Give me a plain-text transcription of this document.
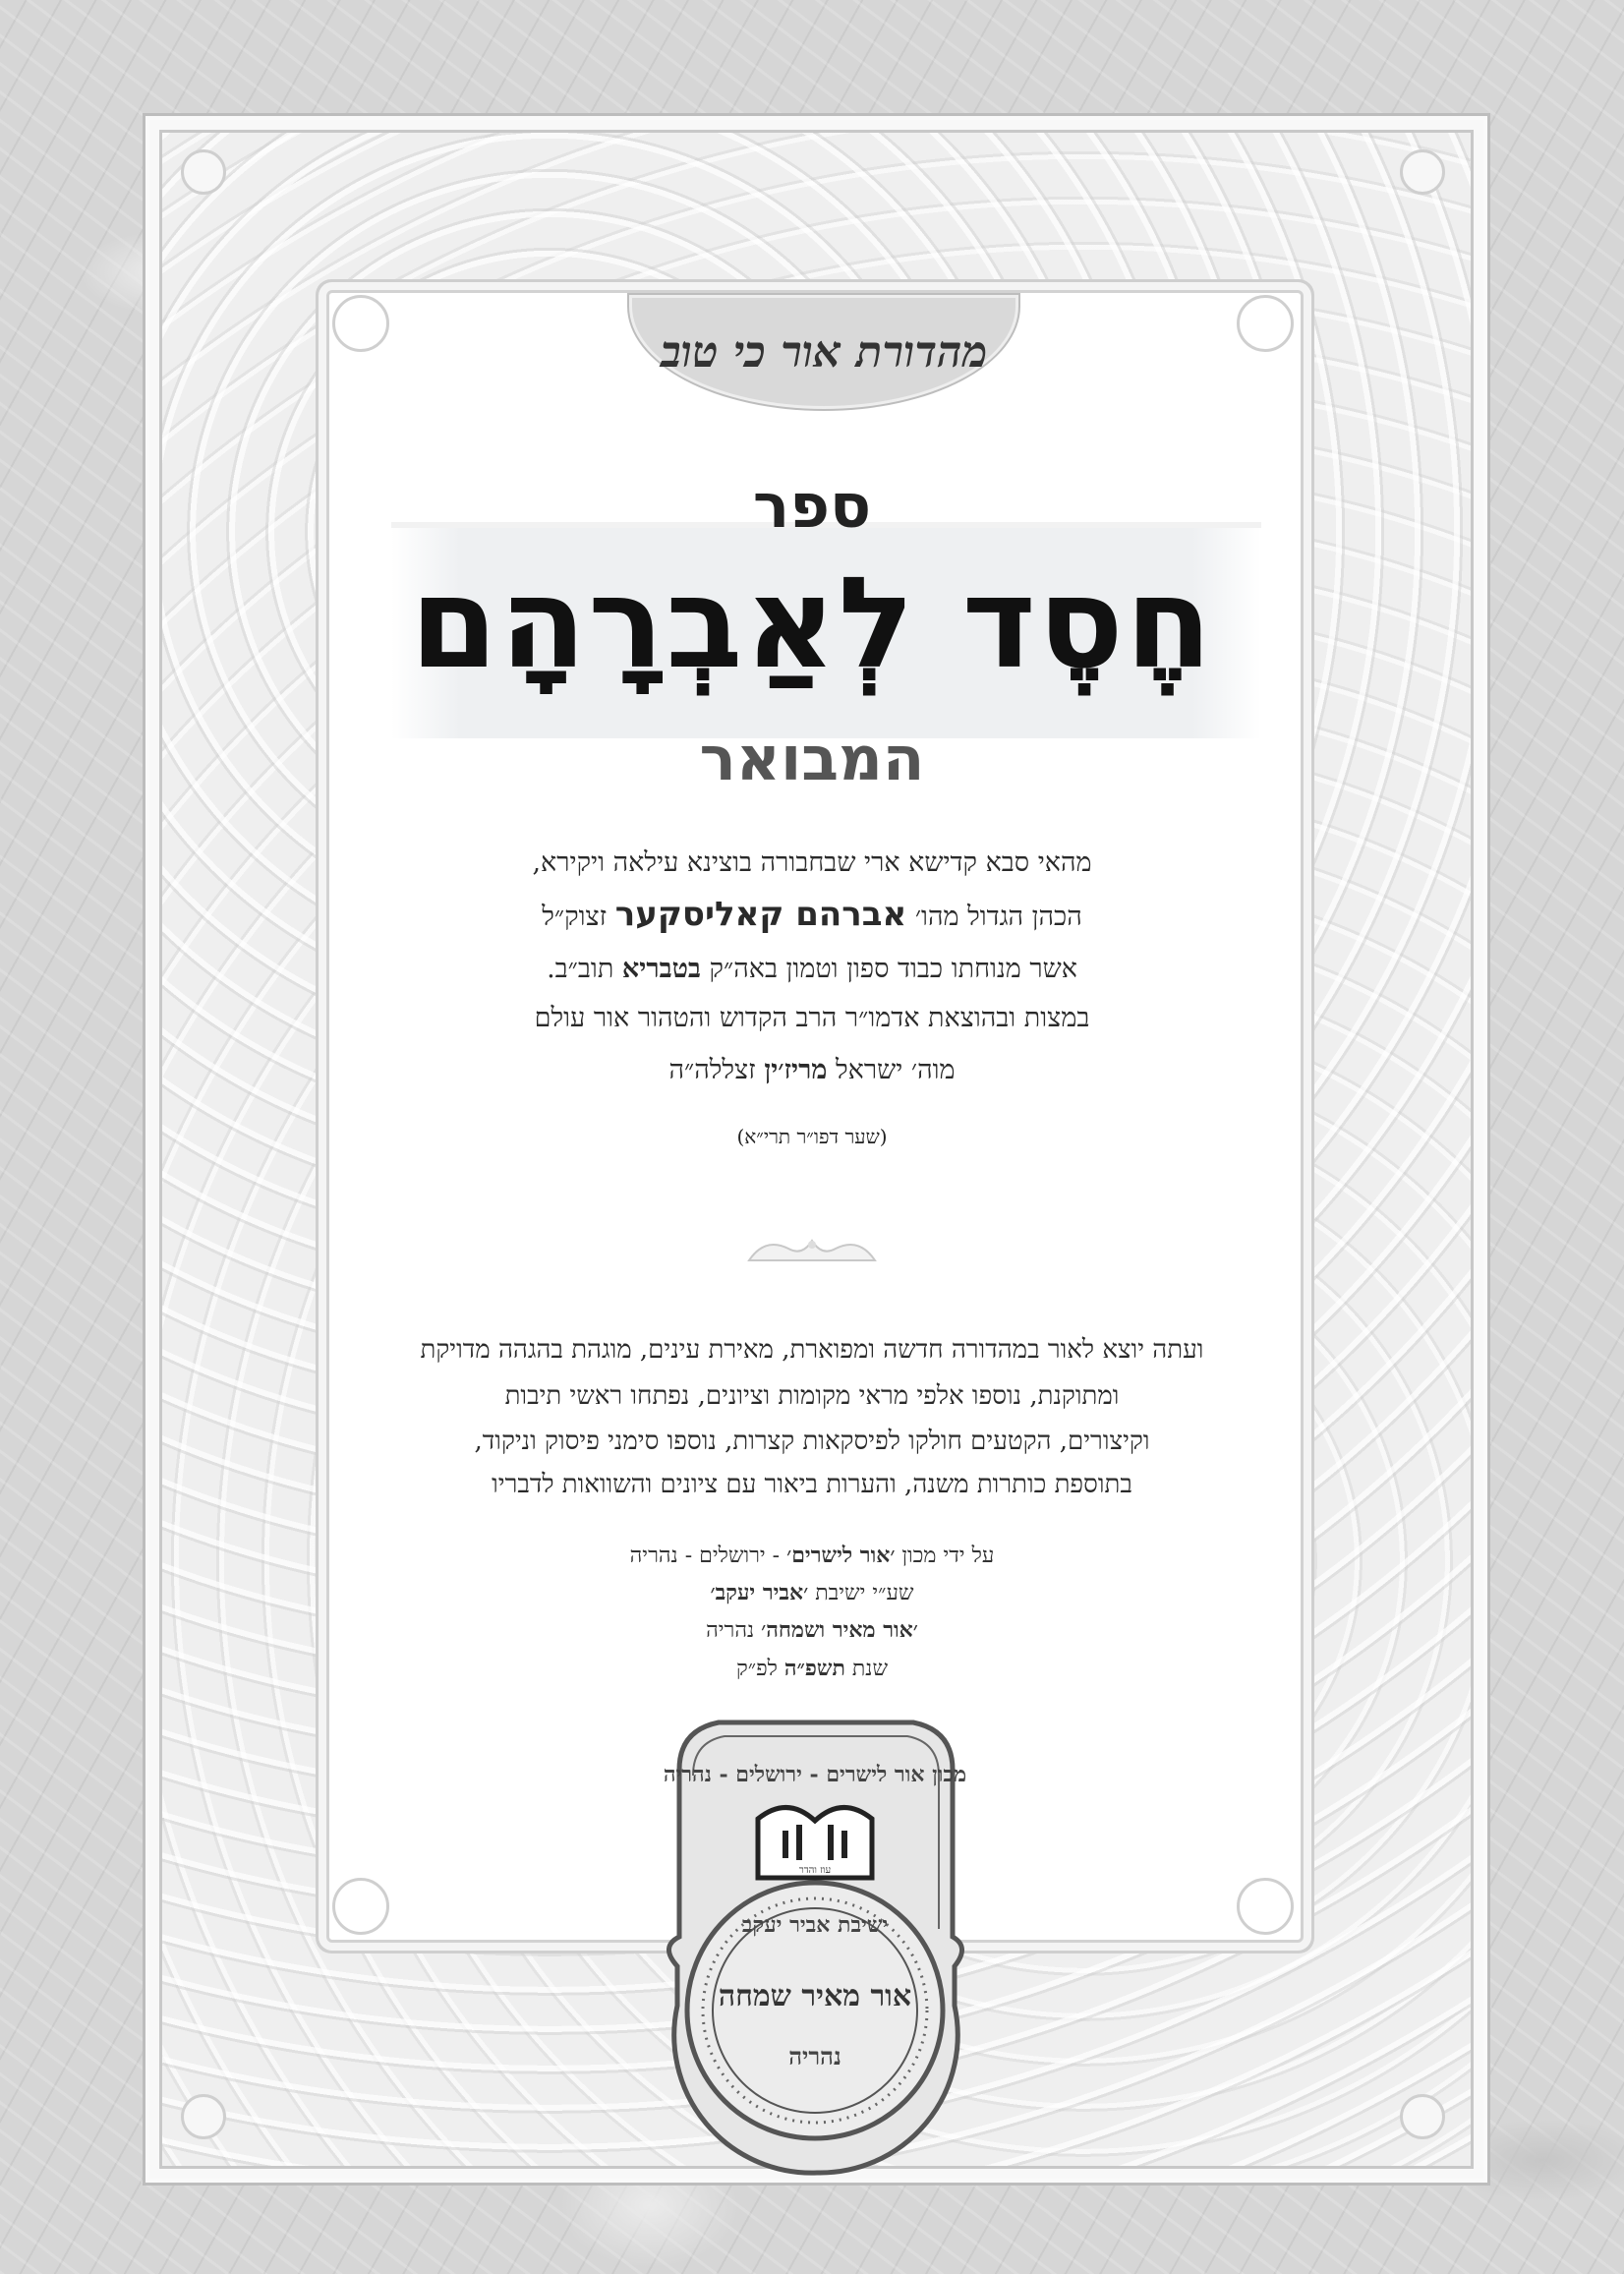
מהדורת אור כי טוב
ספר
חֶסֶד לְאַבְרָהָם
המבואר
מהאי סבא קדישא ארי שבחבורה בוצינא עילאה ויקירא,
הכהן הגדול מהו׳ אברהם קאליסקער זצוק״ל
אשר מנוחתו כבוד ספון וטמון באה״ק בטבריא תוב״ב.
במצות ובהוצאת אדמו״ר הרב הקדוש והטהור אור עולם
מוה׳ ישראל מריז׳ין זצללה״ה
(שער דפו״ר תרי״א)
ועתה יוצא לאור במהדורה חדשה ומפוארת, מאירת עינים, מוגהת בהגהה מדויקת
ומתוקנת, נוספו אלפי מראי מקומות וציונים, נפתחו ראשי תיבות
וקיצורים, הקטעים חולקו לפיסקאות קצרות, נוספו סימני פיסוק וניקוד,
בתוספת כותרות משנה, והערות ביאור עם ציונים והשוואות לדבריו
על ידי מכון ׳אור לישרים׳ - ירושלים - נהריה
שע״י ישיבת ׳אביר יעקב׳
׳אור מאיר ושמחה׳ נהריה
שנת תשפ״ה לפ״ק
מכון אור לישרים - ירושלים - נהריה
עוז והדר
ישיבת אביר יעקב
אור מאיר שמחה
נהריה
